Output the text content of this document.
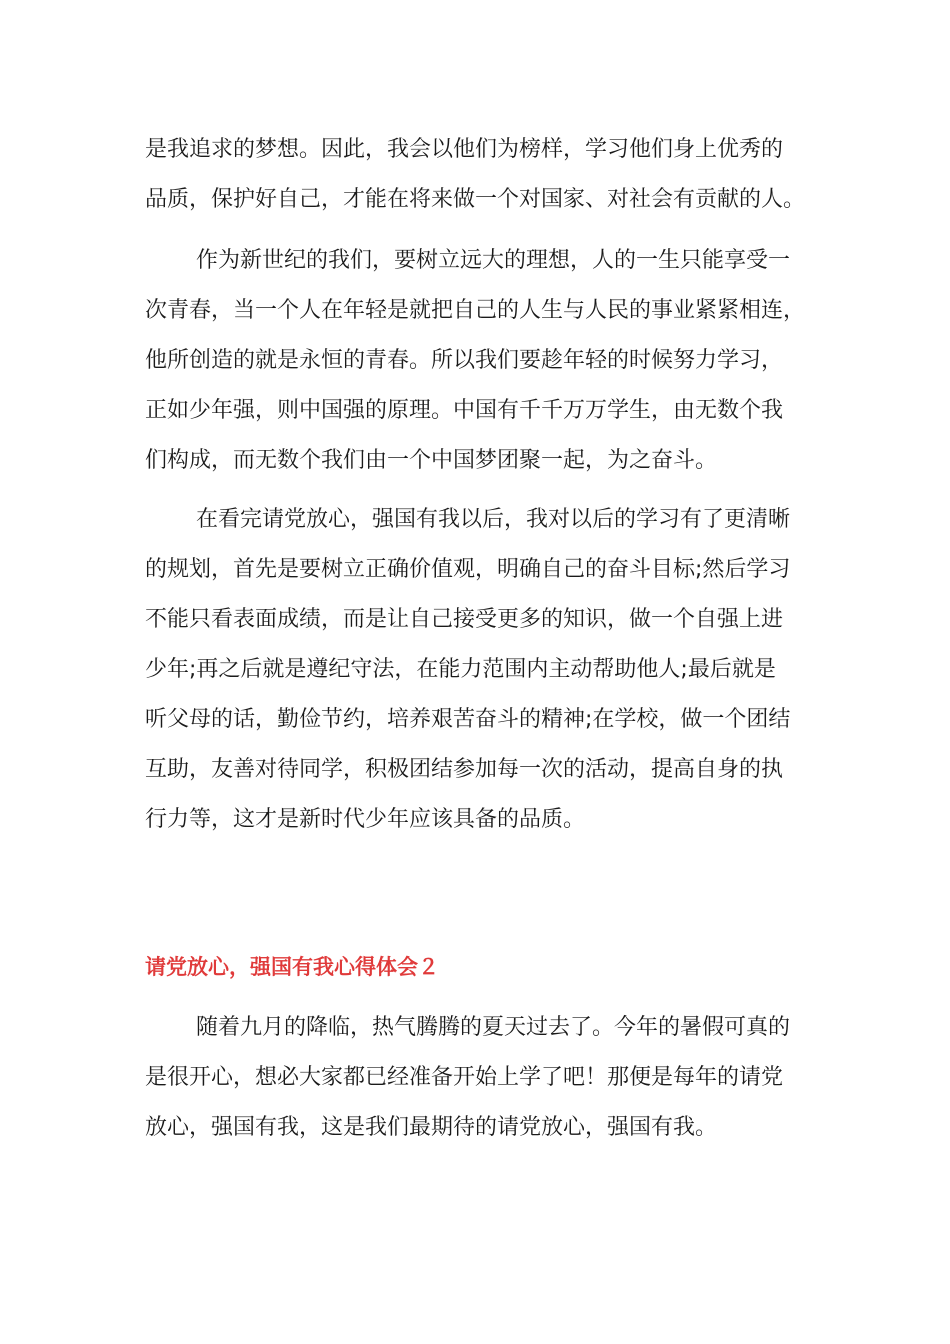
是我追求的梦想。因此，我会以他们为榜样，学习他们身上优秀的
品质，保护好自己，才能在将来做一个对国家、对社会有贡献的人。
作为新世纪的我们，要树立远大的理想，人的一生只能享受一
次青春，当一个人在年轻是就把自己的人生与人民的事业紧紧相连，
他所创造的就是永恒的青春。所以我们要趁年轻的时候努力学习，
正如少年强，则中国强的原理。中国有千千万万学生，由无数个我
们构成，而无数个我们由一个中国梦团聚一起，为之奋斗。
在看完请党放心，强国有我以后，我对以后的学习有了更清晰
的规划，首先是要树立正确价值观，明确自己的奋斗目标;然后学习
不能只看表面成绩，而是让自己接受更多的知识，做一个自强上进
少年;再之后就是遵纪守法，在能力范围内主动帮助他人;最后就是
听父母的话，勤俭节约，培养艰苦奋斗的精神;在学校，做一个团结
互助，友善对待同学，积极团结参加每一次的活动，提高自身的执
行力等，这才是新时代少年应该具备的品质。
请党放心，强国有我心得体会２
随着九月的降临，热气腾腾的夏天过去了。今年的暑假可真的
是很开心，想必大家都已经准备开始上学了吧！那便是每年的请党
放心，强国有我，这是我们最期待的请党放心，强国有我。
